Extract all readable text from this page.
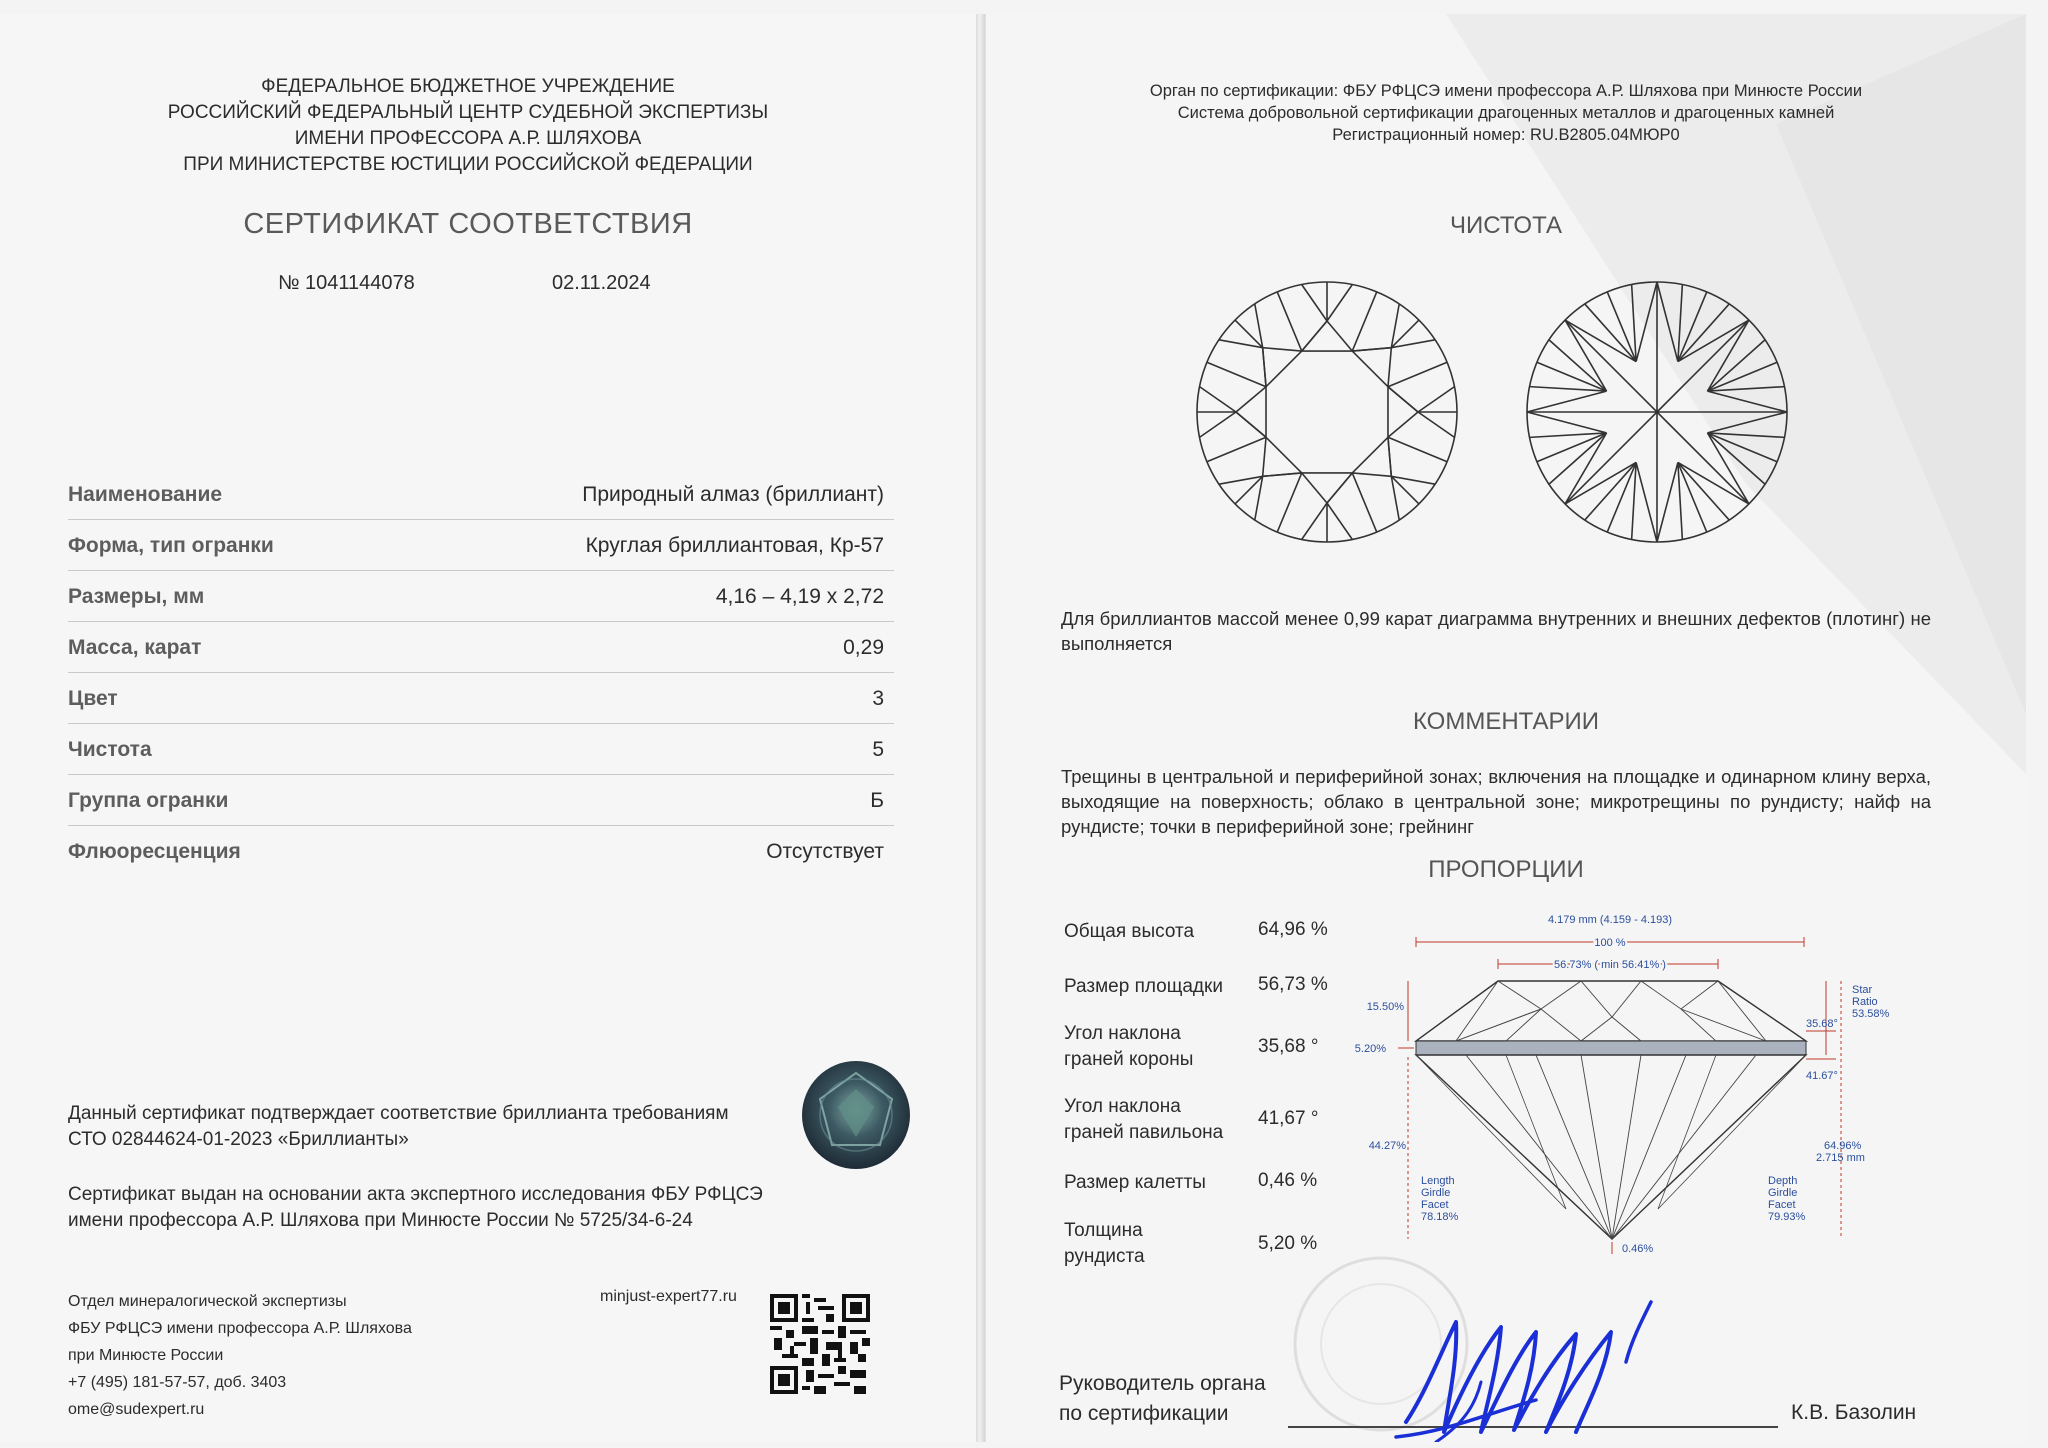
ФЕДЕРАЛЬНОЕ БЮДЖЕТНОЕ УЧРЕЖДЕНИЕ
РОССИЙСКИЙ ФЕДЕРАЛЬНЫЙ ЦЕНТР СУДЕБНОЙ ЭКСПЕРТИЗЫ
ИМЕНИ ПРОФЕССОРА А.Р. ШЛЯХОВА
ПРИ МИНИСТЕРСТВЕ ЮСТИЦИИ РОССИЙСКОЙ ФЕДЕРАЦИИ
СЕРТИФИКАТ СООТВЕТСТВИЯ
№ 1041144078	02.11.2024
Наименование	Природный алмаз (бриллиант)
Форма, тип огранки	Круглая бриллиантовая, Кр-57
Размеры, мм	4,16 – 4,19 х 2,72
Масса, карат	0,29
Цвет	3
Чистота	5
Группа огранки	Б
Флюоресценция	Отсутствует
Данный сертификат подтверждает соответствие бриллианта требованиям
СТО 02844624-01-2023 «Бриллианты»
Сертификат выдан на основании акта экспертного исследования ФБУ РФЦСЭ
имени профессора А.Р. Шляхова при Минюсте России № 5725/34-6-24
Отдел минералогической экспертизы
ФБУ РФЦСЭ имени профессора А.Р. Шляхова
при Минюсте России
+7 (495) 181-57-57, доб. 3403
ome@sudexpert.ru
minjust-expert77.ru
Орган по сертификации: ФБУ РФЦСЭ имени профессора А.Р. Шляхова при Минюсте России
Система добровольной сертификации драгоценных металлов и драгоценных камней
Регистрационный номер: RU.B2805.04МЮР0
ЧИСТОТА
Для бриллиантов массой менее 0,99 карат диаграмма внутренних и внешних дефектов (плотинг) не выполняется
КОММЕНТАРИИ
Трещины в центральной и периферийной зонах; включения на площадке и одинарном клину верха, выходящие на поверхность; облако в центральной зоне; микротрещины по рундисту; найф на рундисте; точки в периферийной зоне; грейнинг
ПРОПОРЦИИ
Общая высота	64,96 %
Размер площадки 56,73 %
Угол наклона
граней короны
35,68 °
Угол наклона
граней павильона
41,67 °
Размер калетты	0,46 %
Толщина
рундиста
5,20 %
4.179 mm (4.159 - 4.193)
100 %
56.73% ( min 56.41% )
15.50%
5.20%
44.27%
Star Ratio 53.58%
35.68°
41.67°
64.96% 2.715 mm
Length Girdle Facet 78.18%
Depth Girdle Facet 79.93%
0.46%
Руководитель органа
по сертификации	К.В. Базолин
